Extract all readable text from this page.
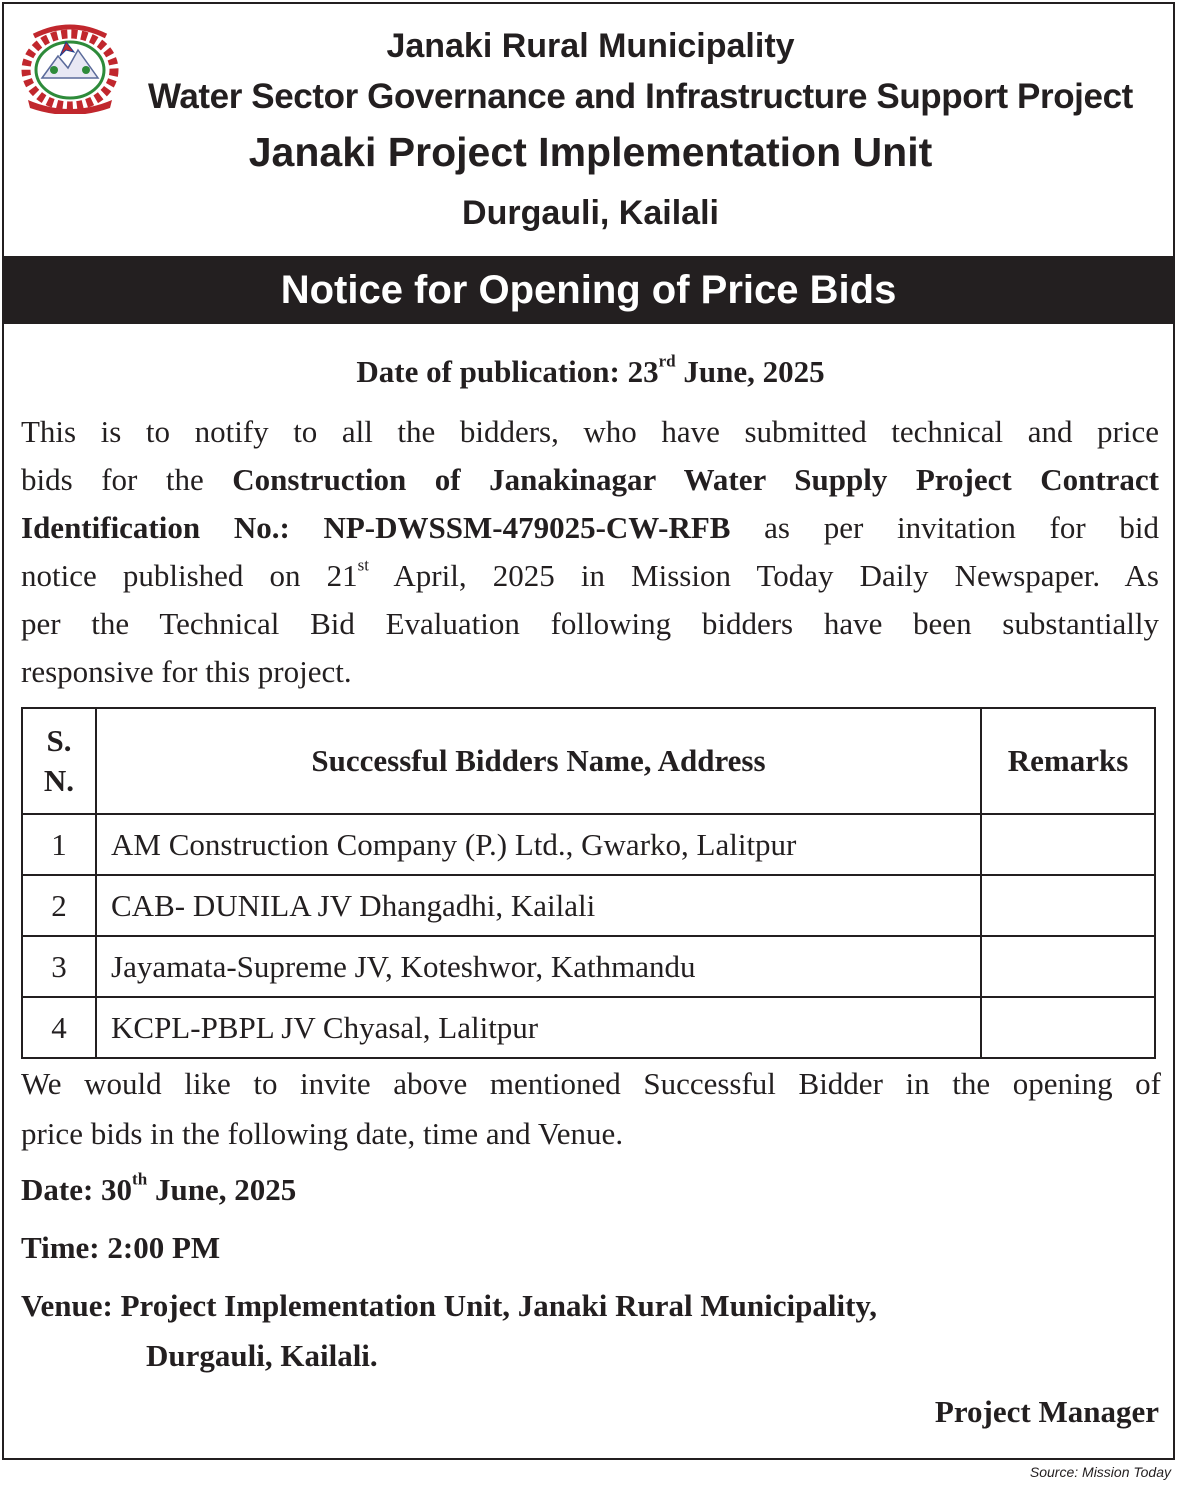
Janaki Rural Municipality
Water Sector Governance and Infrastructure Support Project
Janaki Project Implementation Unit
Durgauli, Kailali
Notice for Opening of Price Bids
Date of publication: 23rd June, 2025
This is to notify to all the bidders, who have submitted technical and price
bids for the Construction of Janakinagar Water Supply Project Contract
Identification No.: NP-DWSSM-479025-CW-RFB as per invitation for bid
notice published on 21st April, 2025 in Mission Today Daily Newspaper. As
per the Technical Bid Evaluation following bidders have been substantially
responsive for this project.
S.
N.	Successful Bidders Name, Address	Remarks
1	AM Construction Company (P.) Ltd., Gwarko, Lalitpur	
2	CAB- DUNILA JV Dhangadhi, Kailali	
3	Jayamata-Supreme JV, Koteshwor, Kathmandu	
4	KCPL-PBPL JV Chyasal, Lalitpur	
We would like to invite above mentioned Successful Bidder in the opening of
price bids in the following date, time and Venue.
Date: 30th June, 2025
Time: 2:00 PM
Venue: Project Implementation Unit, Janaki Rural Municipality,
Durgauli, Kailali.
Project Manager
Source: Mission Today
